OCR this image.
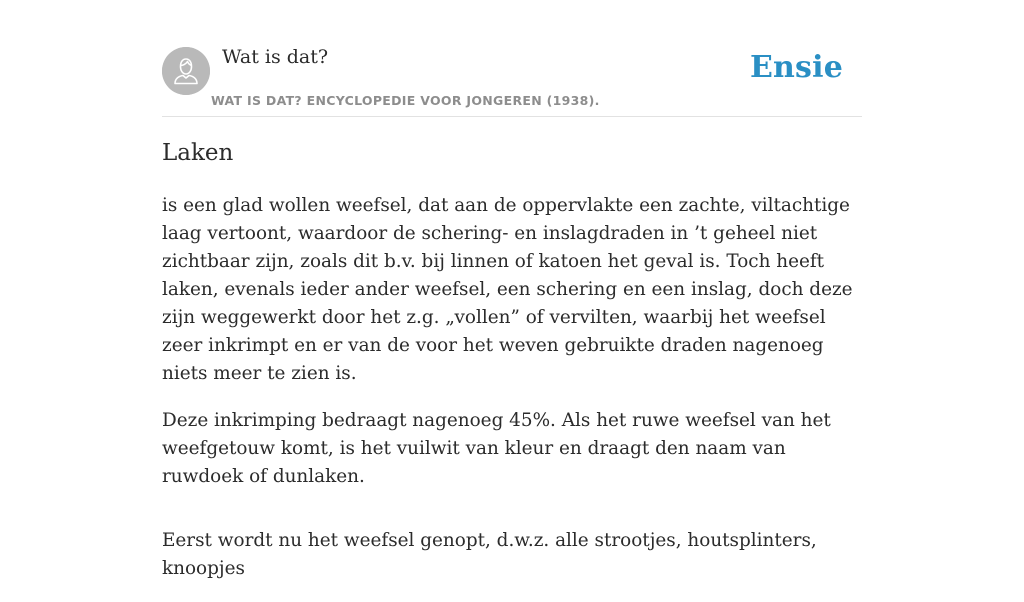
Wat is dat?
WAT IS DAT? ENCYCLOPEDIE VOOR JONGEREN (1938).
Ensie
Laken

is een glad wollen weefsel, dat aan de oppervlakte een zachte, viltachtige laag vertoont, waardoor de schering- en inslagdraden in ’t geheel niet zichtbaar zijn, zoals dit b.v. bij linnen of katoen het geval is. Toch heeft laken, evenals ieder ander weefsel, een schering en een inslag, doch deze zijn weggewerkt door het z.g. „vollen” of vervilten, waarbij het weefsel zeer inkrimpt en er van de voor het weven gebruikte draden nagenoeg niets meer te zien is.

Deze inkrimping bedraagt nagenoeg 45%. Als het ruwe weefsel van het weefgetouw komt, is het vuilwit van kleur en draagt den naam van ruwdoek of dunlaken.

Eerst wordt nu het weefsel genopt, d.w.z. alle strootjes, houtsplinters, knoopjes
